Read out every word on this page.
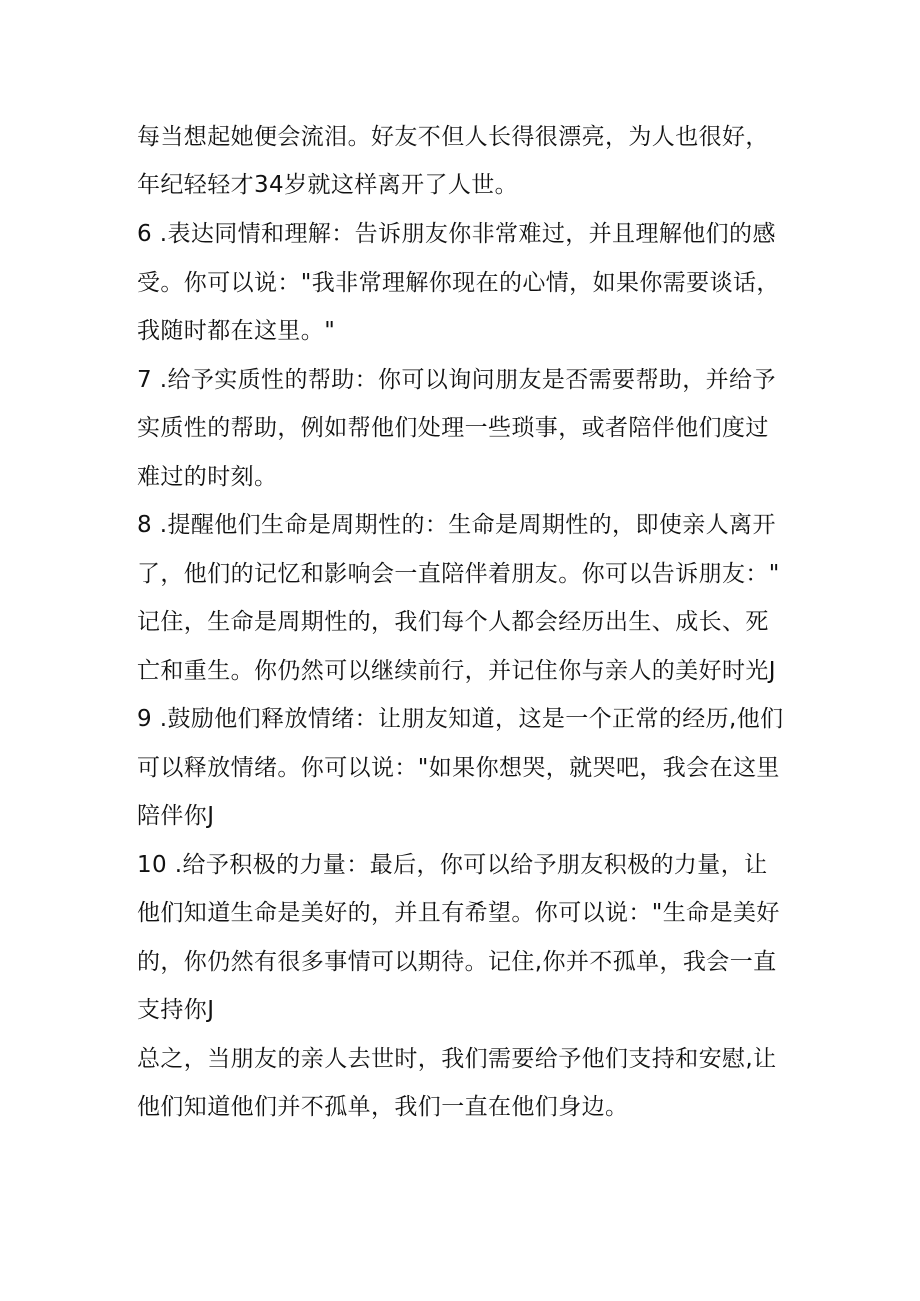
每当想起她便会流泪。好友不但人长得很漂亮，为人也很好，
年纪轻轻才34岁就这样离开了人世。
6 .表达同情和理解：告诉朋友你非常难过，并且理解他们的感
受。你可以说："我非常理解你现在的心情，如果你需要谈话，
我随时都在这里。"
7 .给予实质性的帮助：你可以询问朋友是否需要帮助，并给予
实质性的帮助，例如帮他们处理一些琐事，或者陪伴他们度过
难过的时刻。
8 .提醒他们生命是周期性的：生命是周期性的，即使亲人离开
了，他们的记忆和影响会一直陪伴着朋友。你可以告诉朋友："
记住，生命是周期性的，我们每个人都会经历出生、成长、死
亡和重生。你仍然可以继续前行，并记住你与亲人的美好时光J
9 .鼓励他们释放情绪：让朋友知道，这是一个正常的经历,他们
可以释放情绪。你可以说："如果你想哭，就哭吧，我会在这里
陪伴你J
10 .给予积极的力量：最后，你可以给予朋友积极的力量，让
他们知道生命是美好的，并且有希望。你可以说："生命是美好
的，你仍然有很多事情可以期待。记住,你并不孤单，我会一直
支持你J
总之，当朋友的亲人去世时，我们需要给予他们支持和安慰,让
他们知道他们并不孤单，我们一直在他们身边。
